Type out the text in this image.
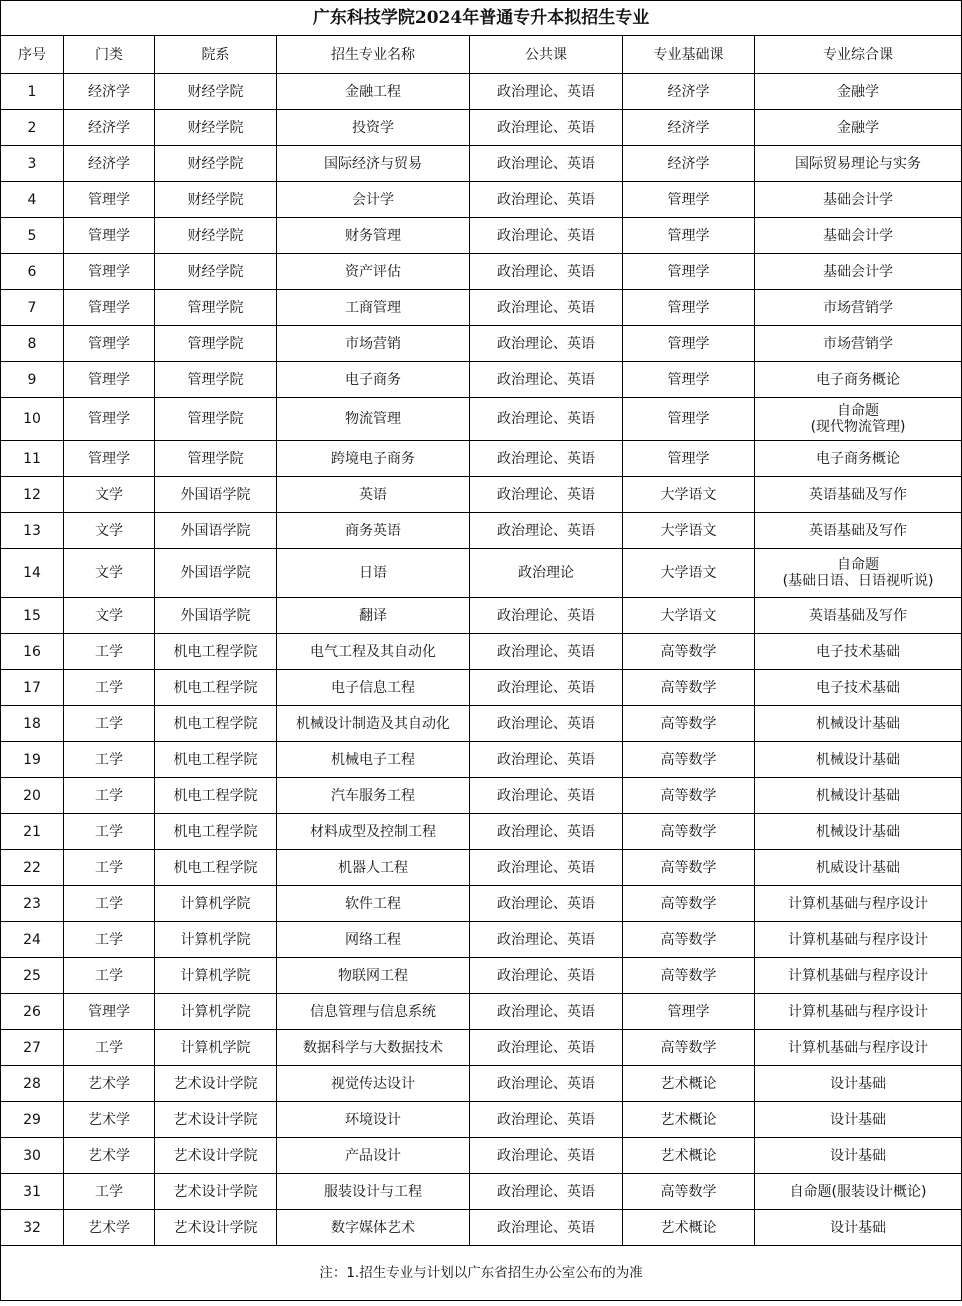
广东科技学院2024年普通专升本拟招生专业						
序号	门类	院系	招生专业名称	公共课	专业基础课	专业综合课
1	经济学	财经学院	金融工程	政治理论、英语	经济学	金融学
2	经济学	财经学院	投资学	政治理论、英语	经济学	金融学
3	经济学	财经学院	国际经济与贸易	政治理论、英语	经济学	国际贸易理论与实务
4	管理学	财经学院	会计学	政治理论、英语	管理学	基础会计学
5	管理学	财经学院	财务管理	政治理论、英语	管理学	基础会计学
6	管理学	财经学院	资产评估	政治理论、英语	管理学	基础会计学
7	管理学	管理学院	工商管理	政治理论、英语	管理学	市场营销学
8	管理学	管理学院	市场营销	政治理论、英语	管理学	市场营销学
9	管理学	管理学院	电子商务	政治理论、英语	管理学	电子商务概论
10	管理学	管理学院	物流管理	政治理论、英语	管理学	自命题
(现代物流管理)

11	管理学	管理学院	跨境电子商务	政治理论、英语	管理学	电子商务概论
12	文学	外国语学院	英语	政治理论、英语	大学语文	英语基础及写作
13	文学	外国语学院	商务英语	政治理论、英语	大学语文	英语基础及写作
14	文学	外国语学院	日语	政治理论	大学语文	自命题
(基础日语、日语视听说)

15	文学	外国语学院	翻译	政治理论、英语	大学语文	英语基础及写作
16	工学	机电工程学院	电气工程及其自动化	政治理论、英语	高等数学	电子技术基础
17	工学	机电工程学院	电子信息工程	政治理论、英语	高等数学	电子技术基础
18	工学	机电工程学院	机械设计制造及其自动化	政治理论、英语	高等数学	机械设计基础
19	工学	机电工程学院	机械电子工程	政治理论、英语	高等数学	机械设计基础
20	工学	机电工程学院	汽车服务工程	政治理论、英语	高等数学	机械设计基础
21	工学	机电工程学院	材料成型及控制工程	政治理论、英语	高等数学	机械设计基础
22	工学	机电工程学院	机器人工程	政治理论、英语	高等数学	机威设计基础
23	工学	计算机学院	软件工程	政治理论、英语	高等数学	计算机基础与程序设计
24	工学	计算机学院	网络工程	政治理论、英语	高等数学	计算机基础与程序设计
25	工学	计算机学院	物联网工程	政治理论、英语	高等数学	计算机基础与程序设计
26	管理学	计算机学院	信息管理与信息系统	政治理论、英语	管理学	计算机基础与程序设计
27	工学	计算机学院	数据科学与大数据技术	政治理论、英语	高等数学	计算机基础与程序设计
28	艺术学	艺术设计学院	视觉传达设计	政治理论、英语	艺术概论	设计基础
29	艺术学	艺术设计学院	环境设计	政治理论、英语	艺术概论	设计基础
30	艺术学	艺术设计学院	产品设计	政治理论、英语	艺术概论	设计基础
31	工学	艺术设计学院	服装设计与工程	政治理论、英语	高等数学	自命题(服装设计概论)
32	艺术学	艺术设计学院	数字媒体艺术	政治理论、英语	艺术概论	设计基础
注：1.招生专业与计划以广东省招生办公室公布的为准						
